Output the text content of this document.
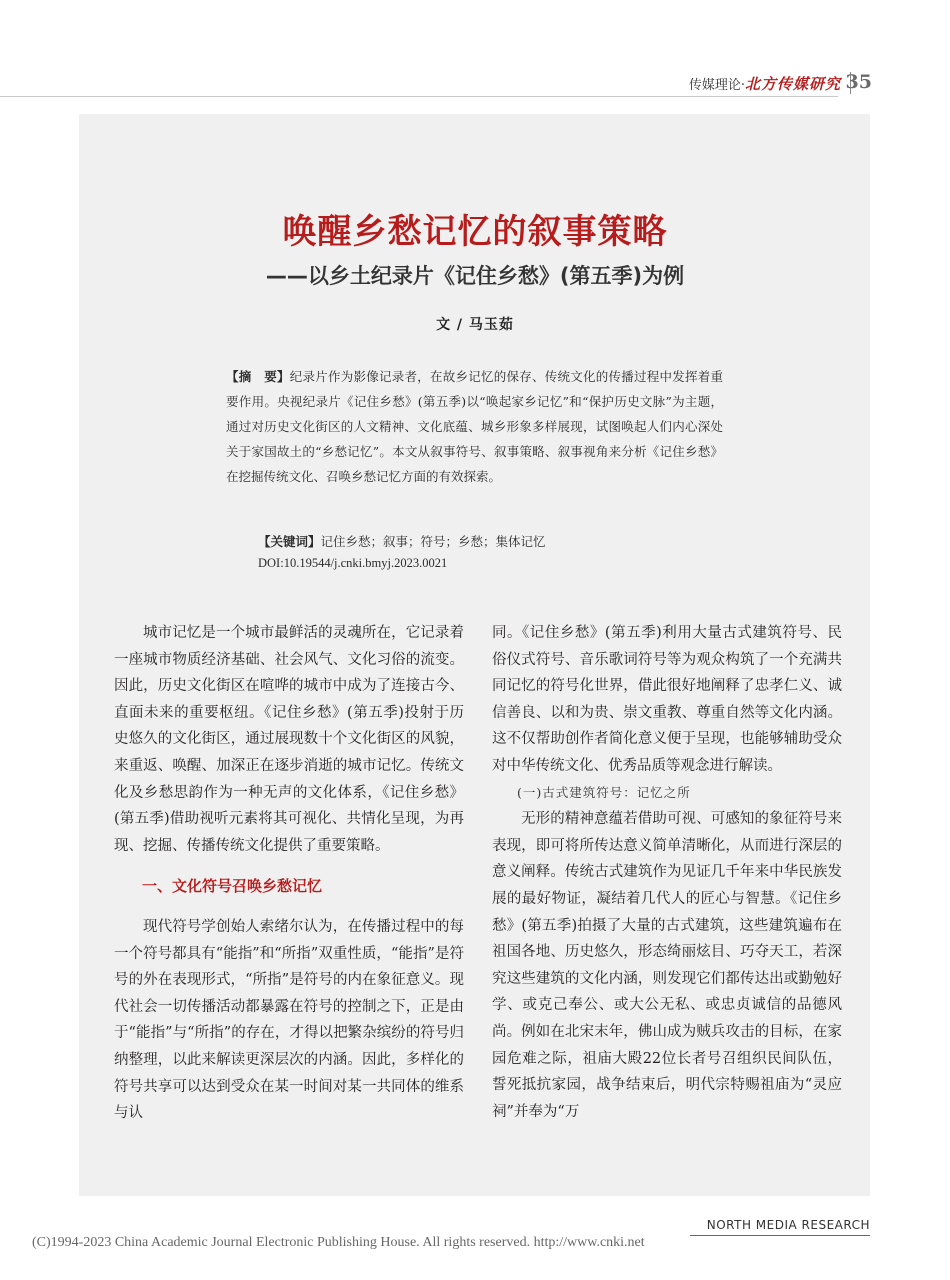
传媒理论· 北方传媒研究 35
唤醒乡愁记忆的叙事策略
——以乡土纪录片《记住乡愁》(第五季)为例
文 / 马玉茹
【摘　要】纪录片作为影像记录者，在故乡记忆的保存、传统文化的传播过程中发挥着重要作用。央视纪录片《记住乡愁》(第五季)以“唤起家乡记忆”和“保护历史文脉”为主题，通过对历史文化街区的人文精神、文化底蕴、城乡形象多样展现，试图唤起人们内心深处关于家国故土的“乡愁记忆”。本文从叙事符号、叙事策略、叙事视角来分析《记住乡愁》在挖掘传统文化、召唤乡愁记忆方面的有效探索。
【关键词】记住乡愁；叙事；符号；乡愁；集体记忆
DOI:10.19544/j.cnki.bmyj.2023.0021

城市记忆是一个城市最鲜活的灵魂所在，它记录着一座城市物质经济基础、社会风气、文化习俗的流变。因此，历史文化街区在喧哗的城市中成为了连接古今、直面未来的重要枢纽。《记住乡愁》(第五季)投射于历史悠久的文化街区，通过展现数十个文化街区的风貌，来重返、唤醒、加深正在逐步消逝的城市记忆。传统文化及乡愁思韵作为一种无声的文化体系，《记住乡愁》(第五季)借助视听元素将其可视化、共情化呈现，为再现、挖掘、传播传统文化提供了重要策略。

一、文化符号召唤乡愁记忆

现代符号学创始人索绪尔认为，在传播过程中的每一个符号都具有“能指”和“所指”双重性质，“能指”是符号的外在表现形式，“所指”是符号的内在象征意义。现代社会一切传播活动都暴露在符号的控制之下，正是由于“能指”与“所指”的存在，才得以把繁杂缤纷的符号归纳整理，以此来解读更深层次的内涵。因此，多样化的符号共享可以达到受众在某一时间对某一共同体的维系与认

同。《记住乡愁》(第五季)利用大量古式建筑符号、民俗仪式符号、音乐歌词符号等为观众构筑了一个充满共同记忆的符号化世界，借此很好地阐释了忠孝仁义、诚信善良、以和为贵、崇文重教、尊重自然等文化内涵。这不仅帮助创作者简化意义便于呈现，也能够辅助受众对中华传统文化、优秀品质等观念进行解读。

(一)古式建筑符号：记忆之所

无形的精神意蕴若借助可视、可感知的象征符号来表现，即可将所传达意义简单清晰化，从而进行深层的意义阐释。传统古式建筑作为见证几千年来中华民族发展的最好物证，凝结着几代人的匠心与智慧。《记住乡愁》(第五季)拍摄了大量的古式建筑，这些建筑遍布在祖国各地、历史悠久，形态绮丽炫目、巧夺天工，若深究这些建筑的文化内涵，则发现它们都传达出或勤勉好学、或克己奉公、或大公无私、或忠贞诚信的品德风尚。例如在北宋末年，佛山成为贼兵攻击的目标，在家园危难之际，祖庙大殿22位长者号召组织民间队伍，誓死抵抗家园，战争结束后，明代宗特赐祖庙为“灵应祠”并奉为“万

NORTH MEDIA RESEARCH
(C)1994-2023 China Academic Journal Electronic Publishing House. All rights reserved. http://www.cnki.net
